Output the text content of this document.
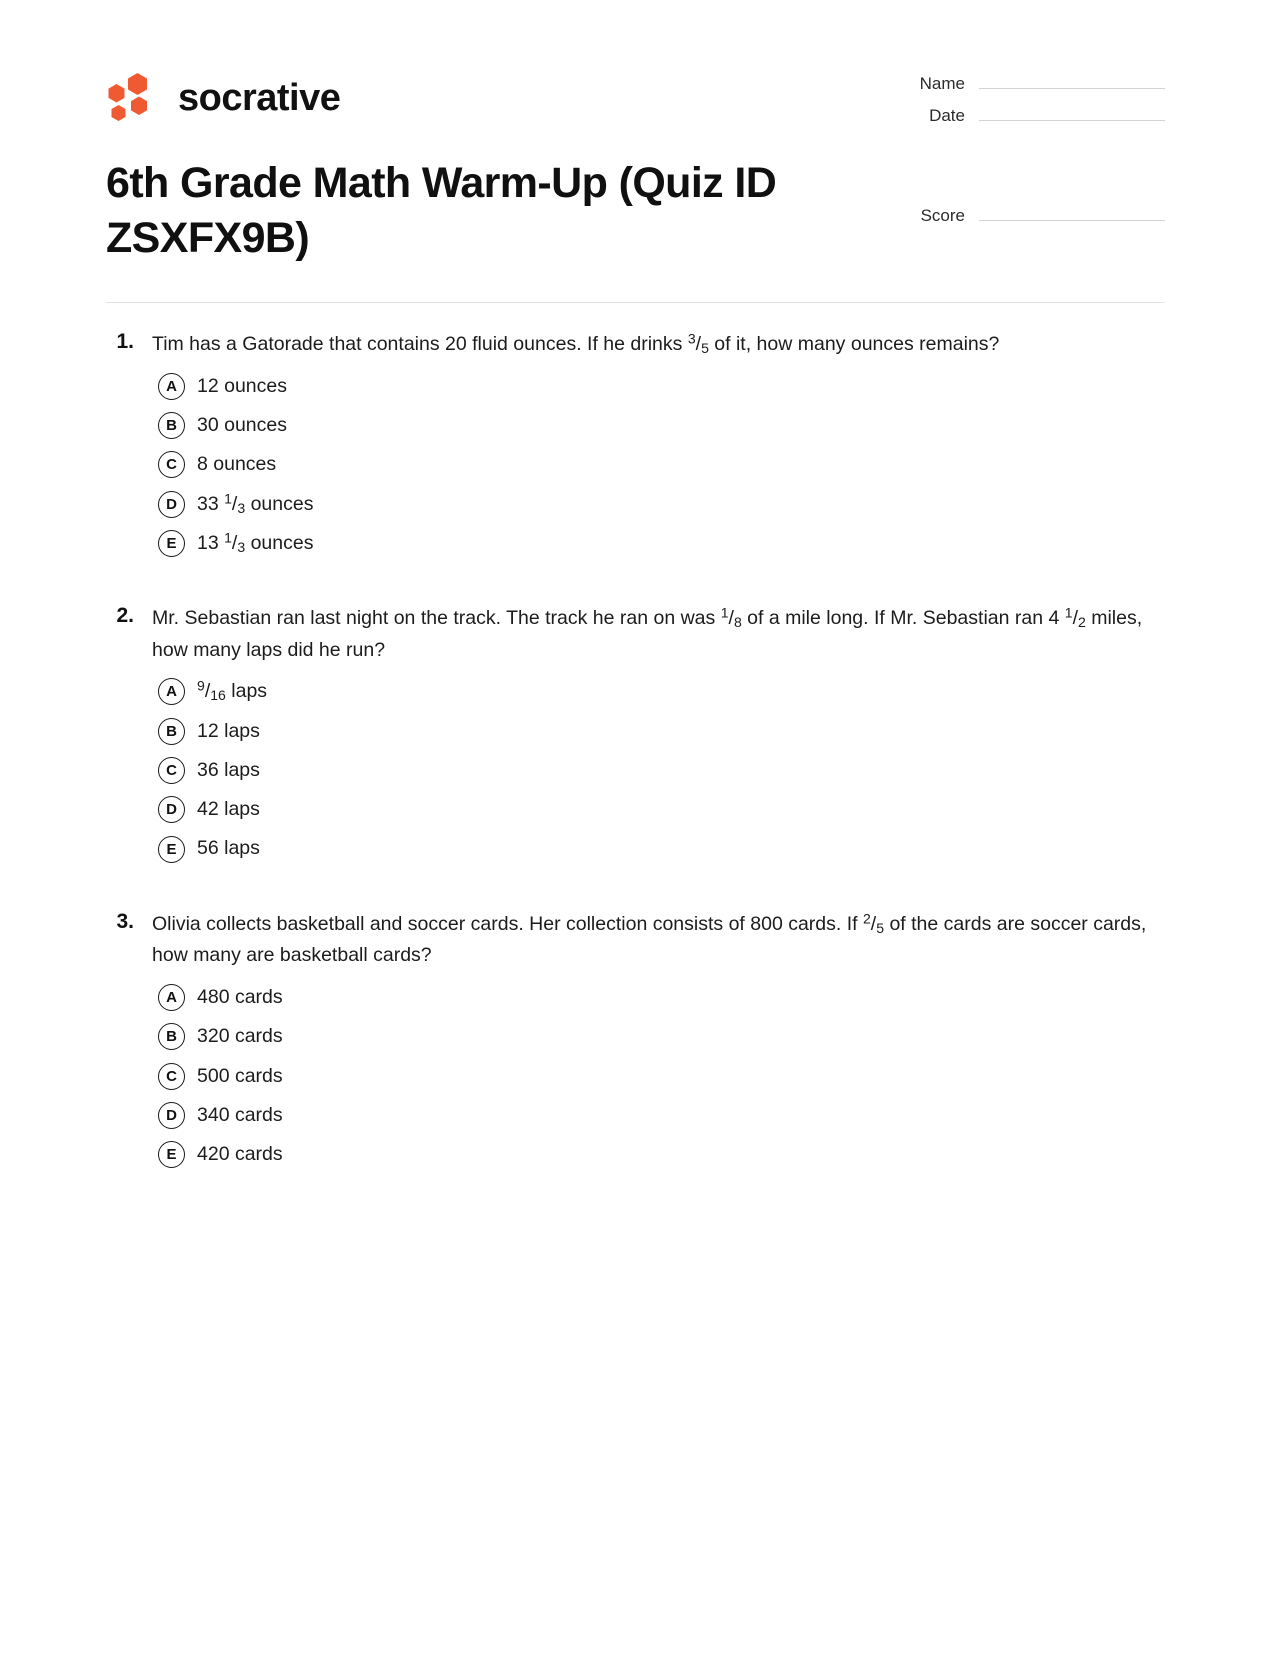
socrative	Name
Date
6th Grade Math Warm-Up (Quiz ID ZSXFX9B)	Score
1. Tim has a Gatorade that contains 20 fluid ounces. If he drinks $^3/_5$ of it, how many ounces remains?
A	12 ounces
B	30 ounces
C	8 ounces
D	33 $^1/_3$ ounces
E	13 $^1/_3$ ounces
2. Mr. Sebastian ran last night on the track. The track he ran on was $^1/_8$ of a mile long. If Mr. Sebastian ran 4 $^1/_2$ miles, how many laps did he run?
A	$^9/_{16}$ laps
B	12 laps
C	36 laps
D	42 laps
E	56 laps
3. Olivia collects basketball and soccer cards. Her collection consists of 800 cards. If $^2/_5$ of the cards are soccer cards, how many are basketball cards?
A	480 cards
B	320 cards
C	500 cards
D	340 cards
E	420 cards
